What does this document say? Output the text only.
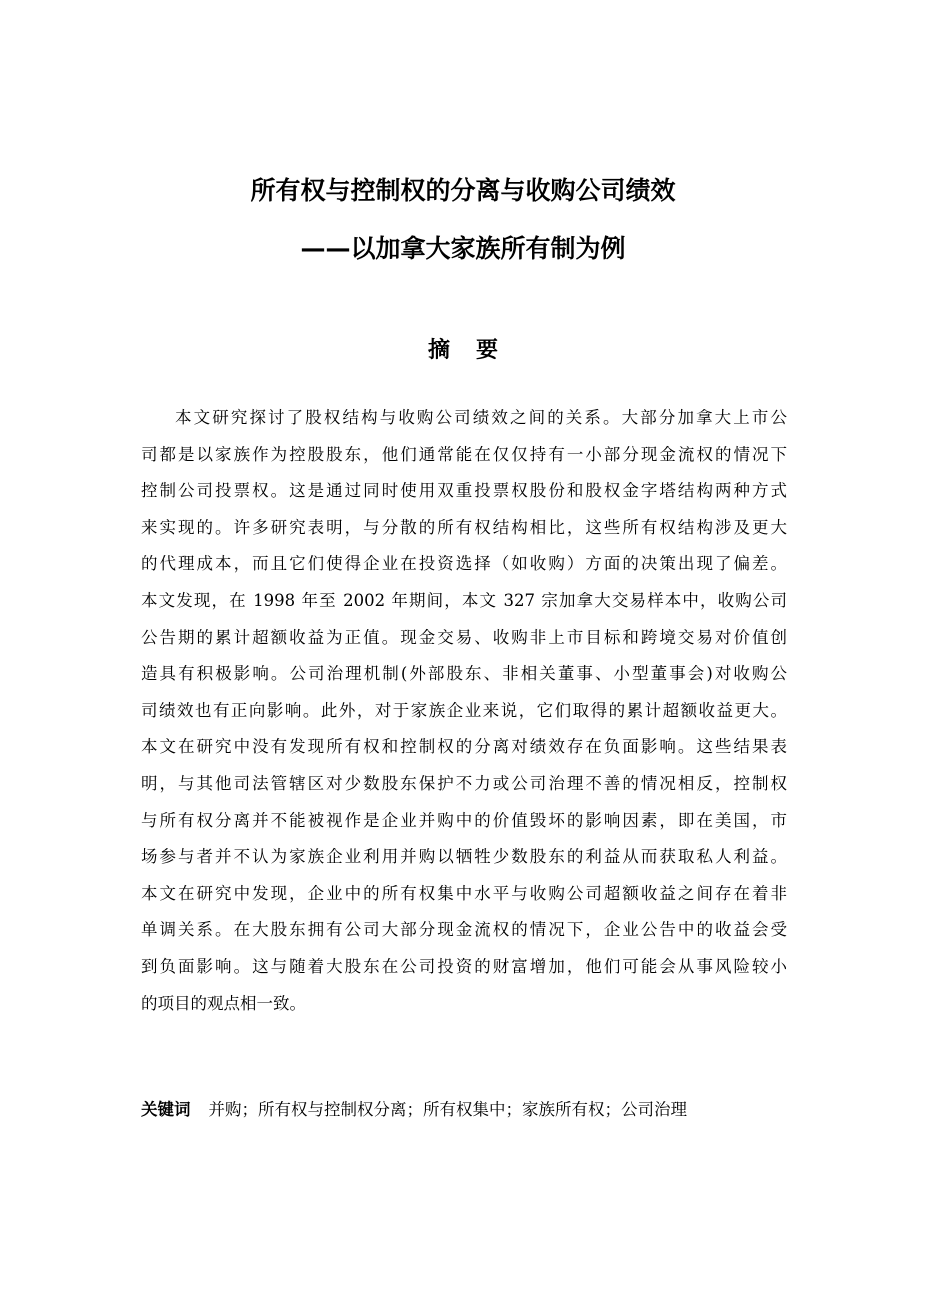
所有权与控制权的分离与收购公司绩效
——以加拿大家族所有制为例
摘 要
本文研究探讨了股权结构与收购公司绩效之间的关系。大部分加拿大上市公
司都是以家族作为控股股东，他们通常能在仅仅持有一小部分现金流权的情况下
控制公司投票权。这是通过同时使用双重投票权股份和股权金字塔结构两种方式
来实现的。许多研究表明，与分散的所有权结构相比，这些所有权结构涉及更大
的代理成本，而且它们使得企业在投资选择（如收购）方面的决策出现了偏差。
本文发现，在 1998 年至 2002 年期间，本文 327 宗加拿大交易样本中，收购公司
公告期的累计超额收益为正值。现金交易、收购非上市目标和跨境交易对价值创
造具有积极影响。公司治理机制(外部股东、非相关董事、小型董事会)对收购公
司绩效也有正向影响。此外，对于家族企业来说，它们取得的累计超额收益更大。
本文在研究中没有发现所有权和控制权的分离对绩效存在负面影响。这些结果表
明，与其他司法管辖区对少数股东保护不力或公司治理不善的情况相反，控制权
与所有权分离并不能被视作是企业并购中的价值毁坏的影响因素，即在美国，市
场参与者并不认为家族企业利用并购以牺牲少数股东的利益从而获取私人利益。
本文在研究中发现，企业中的所有权集中水平与收购公司超额收益之间存在着非
单调关系。在大股东拥有公司大部分现金流权的情况下，企业公告中的收益会受
到负面影响。这与随着大股东在公司投资的财富增加，他们可能会从事风险较小
的项目的观点相一致。
关键词 并购；所有权与控制权分离；所有权集中；家族所有权；公司治理
